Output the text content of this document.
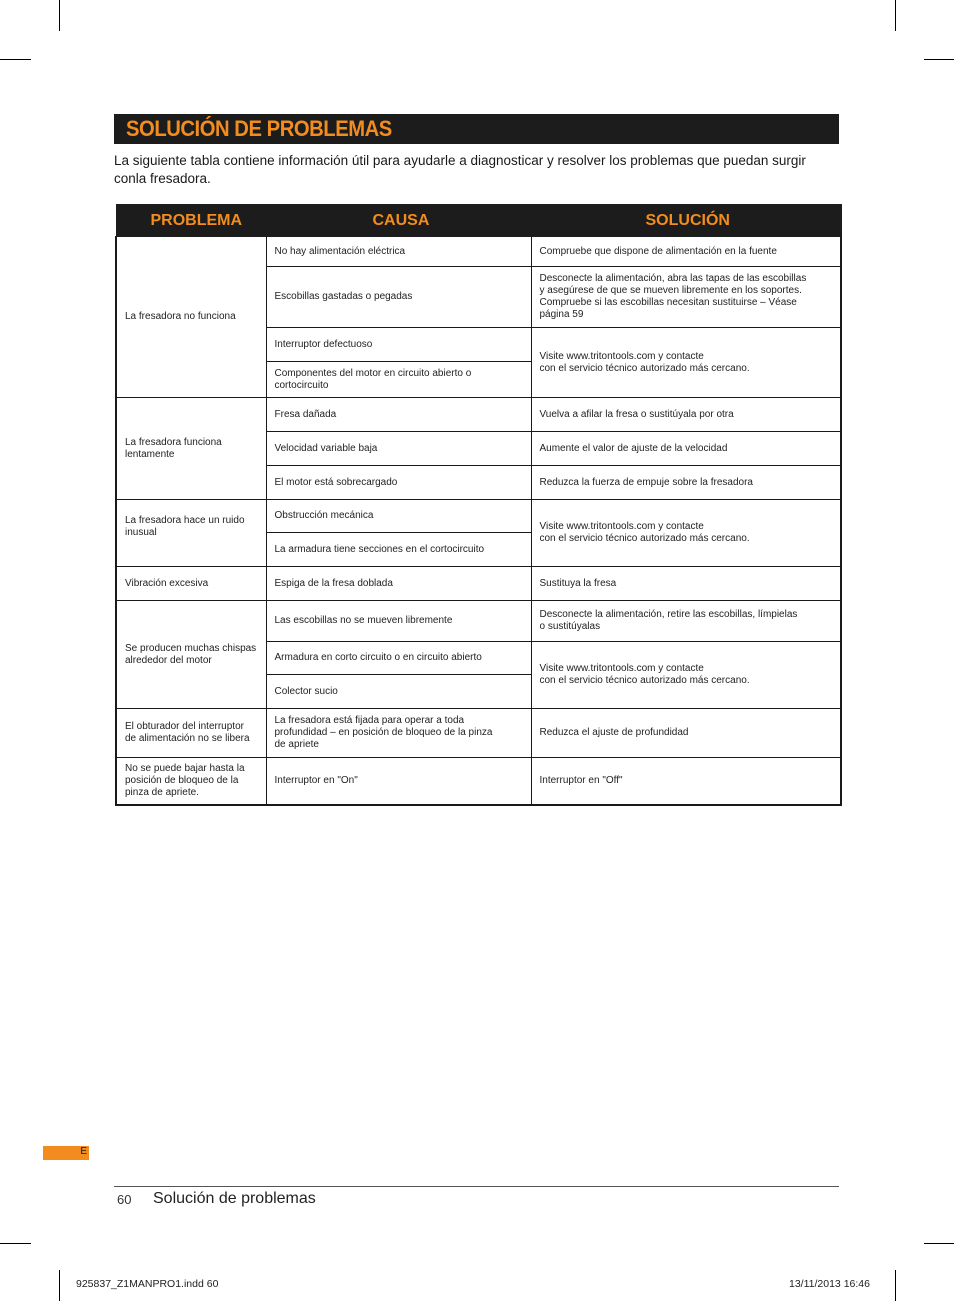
SOLUCIÓN DE PROBLEMAS
La siguiente tabla contiene información útil para ayudarle a diagnosticar y resolver los problemas que puedan surgir conla fresadora.
PROBLEMA	CAUSA	SOLUCIÓN
La fresadora no funciona	No hay alimentación eléctrica	Compruebe que dispone de alimentación en la fuente
	Escobillas gastadas o pegadas	Desconecte la alimentación, abra las tapas de las escobillas
y asegúrese de que se mueven libremente en los soportes.
Compruebe si las escobillas necesitan sustituirse – Véase
página 59
	Interruptor defectuoso	Visite www.tritontools.com y contacte
con el servicio técnico autorizado más cercano.
	Componentes del motor en circuito abierto o
cortocircuito	
La fresadora funciona
lentamente	Fresa dañada	Vuelva a afilar la fresa o sustitúyala por otra
	Velocidad variable baja	Aumente el valor de ajuste de la velocidad
	El motor está sobrecargado	Reduzca la fuerza de empuje sobre la fresadora
La fresadora hace un ruido
inusual	Obstrucción mecánica	Visite www.tritontools.com y contacte
con el servicio técnico autorizado más cercano.
	La armadura tiene secciones en el cortocircuito	
Vibración excesiva	Espiga de la fresa doblada	Sustituya la fresa
Se producen muchas chispas
alrededor del motor	Las escobillas no se mueven libremente	Desconecte la alimentación, retire las escobillas, límpielas
o sustitúyalas
	Armadura en corto circuito o en circuito abierto	Visite www.tritontools.com y contacte
con el servicio técnico autorizado más cercano.
	Colector sucio	
El obturador del interruptor
de alimentación no se libera	La fresadora está fijada para operar a toda
profundidad – en posición de bloqueo de la pinza
de apriete	Reduzca el ajuste de profundidad
No se puede bajar hasta la
posición de bloqueo de la
pinza de apriete.	Interruptor en "On"	Interruptor en "Off"
E
60 Solución de problemas
925837_Z1MANPRO1.indd 60	13/11/2013 16:46
